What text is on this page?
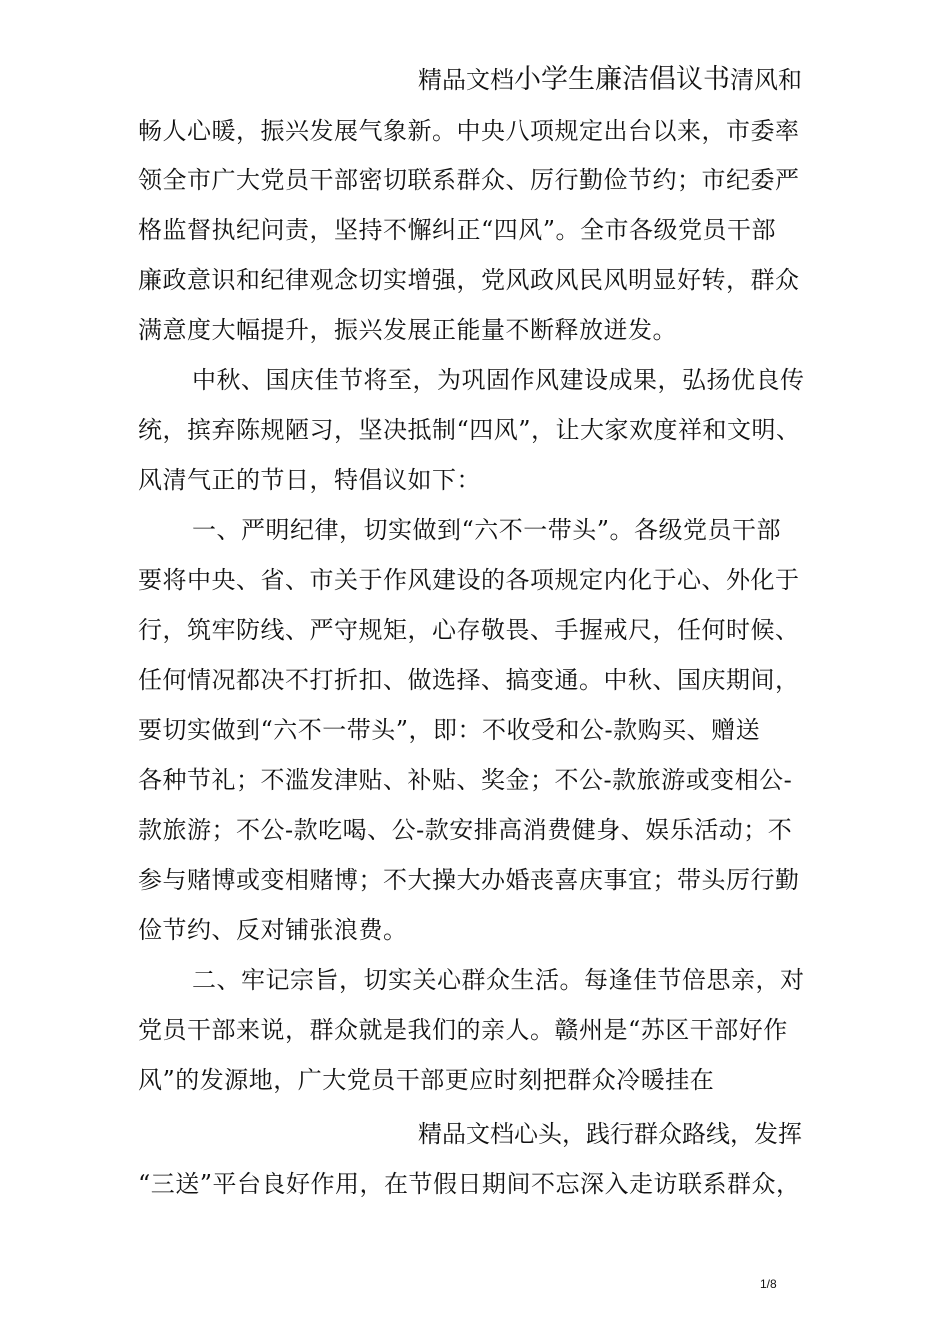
精品文档小学生廉洁倡议书清风和
畅人心暖，振兴发展气象新。中央八项规定出台以来，市委率
领全市广大党员干部密切联系群众、厉行勤俭节约；市纪委严
格监督执纪问责，坚持不懈纠正“四风”。全市各级党员干部
廉政意识和纪律观念切实增强，党风政风民风明显好转，群众
满意度大幅提升，振兴发展正能量不断释放迸发。
中秋、国庆佳节将至，为巩固作风建设成果，弘扬优良传
统，摈弃陈规陋习，坚决抵制“四风”，让大家欢度祥和文明、
风清气正的节日，特倡议如下：
一、严明纪律，切实做到“六不一带头”。各级党员干部
要将中央、省、市关于作风建设的各项规定内化于心、外化于
行，筑牢防线、严守规矩，心存敬畏、手握戒尺，任何时候、
任何情况都决不打折扣、做选择、搞变通。中秋、国庆期间，
要切实做到“六不一带头”，即：不收受和公-款购买、赠送
各种节礼；不滥发津贴、补贴、奖金；不公-款旅游或变相公-
款旅游；不公-款吃喝、公-款安排高消费健身、娱乐活动；不
参与赌博或变相赌博；不大操大办婚丧喜庆事宜；带头厉行勤
俭节约、反对铺张浪费。
二、牢记宗旨，切实关心群众生活。每逢佳节倍思亲，对
党员干部来说，群众就是我们的亲人。赣州是“苏区干部好作
风”的发源地，广大党员干部更应时刻把群众冷暖挂在
精品文档心头，践行群众路线，发挥
“三送”平台良好作用，在节假日期间不忘深入走访联系群众，
1/8
